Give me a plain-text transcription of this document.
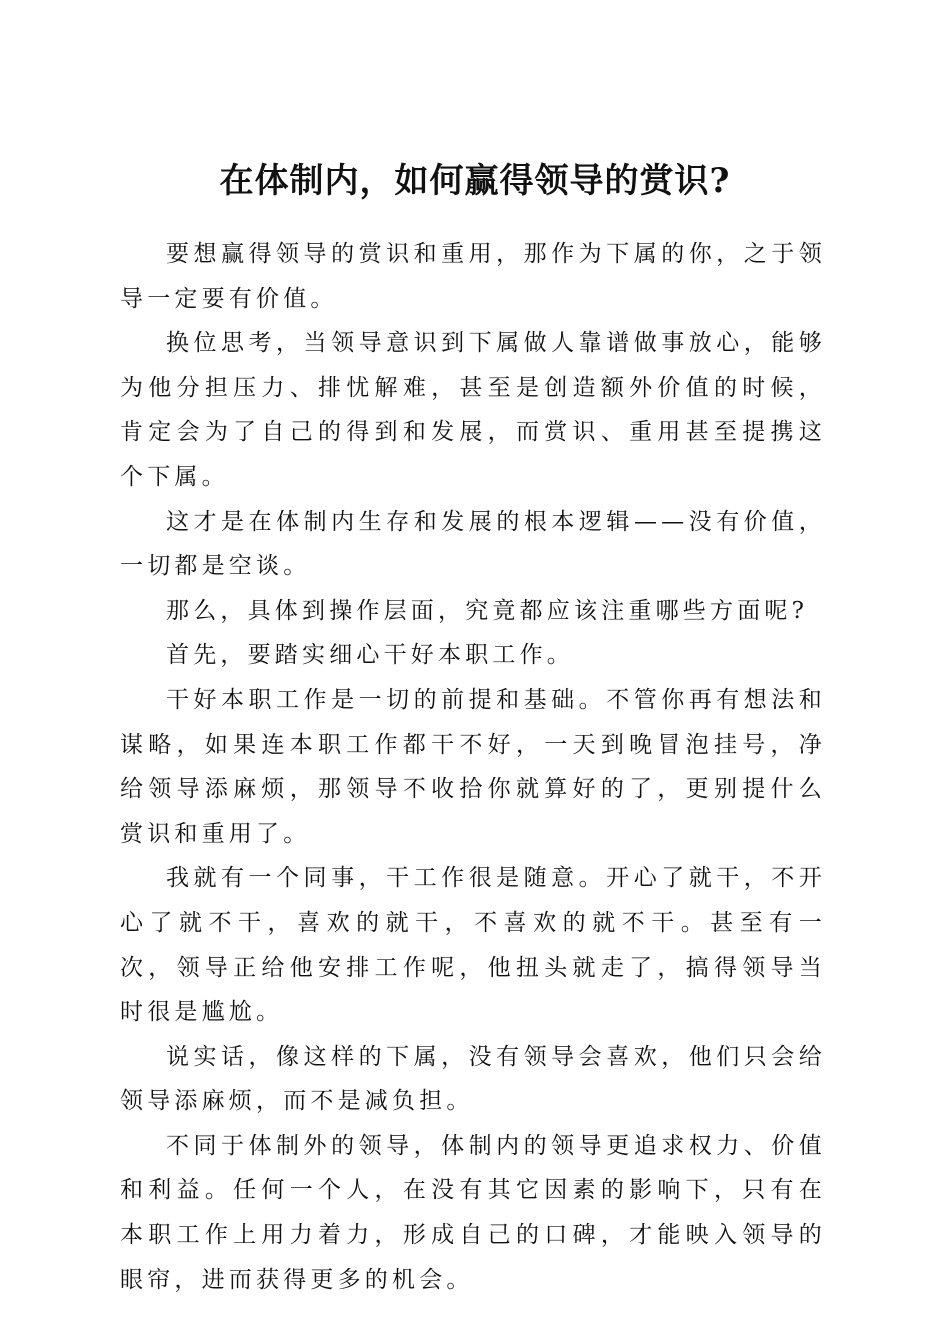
在体制内，如何赢得领导的赏识?

要想赢得领导的赏识和重用，那作为下属的你，之于领导一定要有价值。

换位思考，当领导意识到下属做人靠谱做事放心，能够为他分担压力、排忧解难，甚至是创造额外价值的时候，肯定会为了自己的得到和发展，而赏识、重用甚至提携这个下属。

这才是在体制内生存和发展的根本逻辑——没有价值，一切都是空谈。

那么，具体到操作层面，究竟都应该注重哪些方面呢?

首先，要踏实细心干好本职工作。

干好本职工作是一切的前提和基础。不管你再有想法和谋略，如果连本职工作都干不好，一天到晚冒泡挂号，净给领导添麻烦，那领导不收拾你就算好的了，更别提什么赏识和重用了。

我就有一个同事，干工作很是随意。开心了就干，不开心了就不干，喜欢的就干，不喜欢的就不干。甚至有一次，领导正给他安排工作呢，他扭头就走了，搞得领导当时很是尴尬。

说实话，像这样的下属，没有领导会喜欢，他们只会给领导添麻烦，而不是减负担。

不同于体制外的领导，体制内的领导更追求权力、价值和利益。任何一个人，在没有其它因素的影响下，只有在本职工作上用力着力，形成自己的口碑，才能映入领导的眼帘，进而获得更多的机会。
